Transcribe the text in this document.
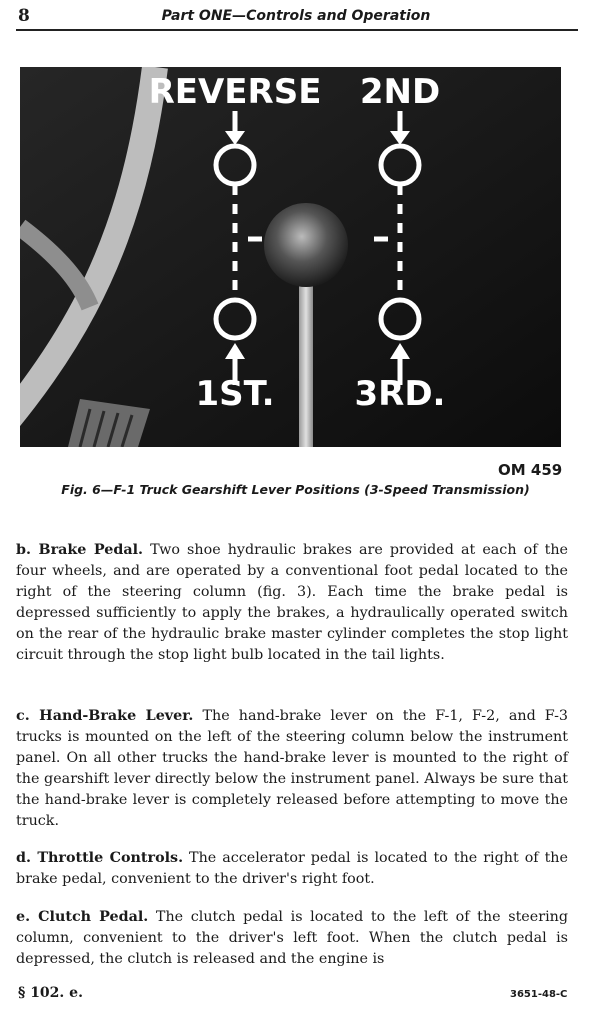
8	Part ONE—Controls and Operation
REVERSE 2ND
1ST. 3RD.
OM 459
Fig. 6—F-1 Truck Gearshift Lever Positions (3-Speed Transmission)

b. Brake Pedal. Two shoe hydraulic brakes are provided at each of the four wheels, and are operated by a conventional foot pedal located to the right of the steering column (fig. 3). Each time the brake pedal is depressed sufficiently to apply the brakes, a hydraulically operated switch on the rear of the hydraulic brake master cylinder completes the stop light circuit through the stop light bulb located in the tail lights.

c. Hand-Brake Lever. The hand-brake lever on the F-1, F-2, and F-3 trucks is mounted on the left of the steering column below the instrument panel. On all other trucks the hand-brake lever is mounted to the right of the gearshift lever directly below the instrument panel. Always be sure that the hand-brake lever is completely released before attempting to move the truck.

d. Throttle Controls. The accelerator pedal is located to the right of the brake pedal, convenient to the driver's right foot.

e. Clutch Pedal. The clutch pedal is located to the left of the steering column, convenient to the driver's left foot. When the clutch pedal is depressed, the clutch is released and the engine is

§ 102. e.	3651-48-C
